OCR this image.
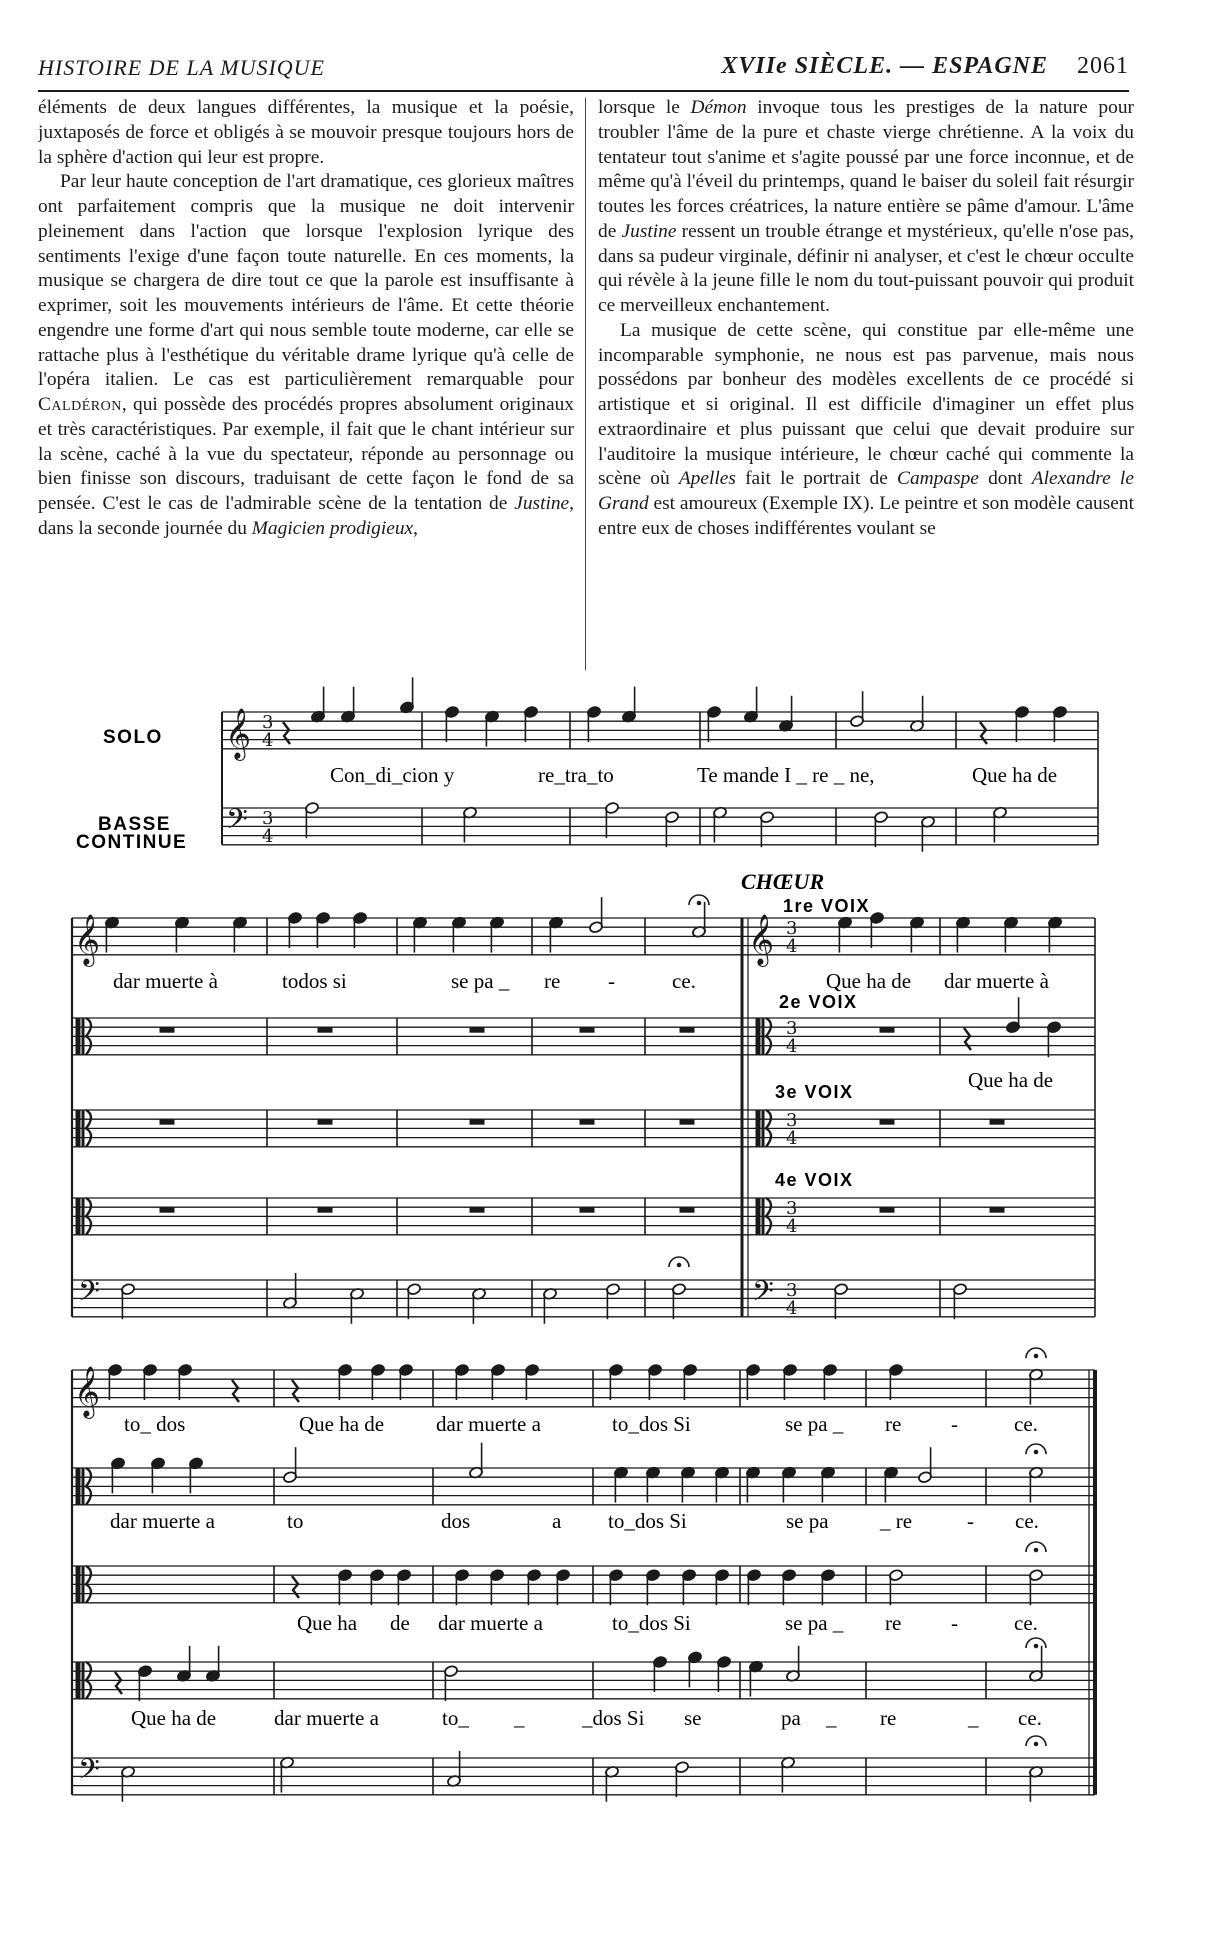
HISTOIRE DE LA MUSIQUE	XVIIe SIÈCLE. — ESPAGNE 2061

éléments de deux langues différentes, la musique et la poésie, juxtaposés de force et obligés à se mouvoir presque toujours hors de la sphère d'action qui leur est propre.

Par leur haute conception de l'art dramatique, ces glorieux maîtres ont parfaitement compris que la musique ne doit intervenir pleinement dans l'action que lorsque l'explosion lyrique des sentiments l'exige d'une façon toute naturelle. En ces moments, la musique se chargera de dire tout ce que la parole est insuffisante à exprimer, soit les mouvements intérieurs de l'âme. Et cette théorie engendre une forme d'art qui nous semble toute moderne, car elle se rattache plus à l'esthétique du véritable drame lyrique qu'à celle de l'opéra italien. Le cas est particulièrement remarquable pour Caldéron, qui possède des procédés propres absolument originaux et très caractéristiques. Par exemple, il fait que le chant intérieur sur la scène, caché à la vue du spectateur, réponde au personnage ou bien finisse son discours, traduisant de cette façon le fond de sa pensée. C'est le cas de l'admirable scène de la tentation de Justine, dans la seconde journée du Magicien prodigieux,

lorsque le Démon invoque tous les prestiges de la nature pour troubler l'âme de la pure et chaste vierge chrétienne. A la voix du tentateur tout s'anime et s'agite poussé par une force inconnue, et de même qu'à l'éveil du printemps, quand le baiser du soleil fait résurgir toutes les forces créatrices, la nature entière se pâme d'amour. L'âme de Justine ressent un trouble étrange et mystérieux, qu'elle n'ose pas, dans sa pudeur virginale, définir ni analyser, et c'est le chœur occulte qui révèle à la jeune fille le nom du tout-puissant pouvoir qui produit ce merveilleux enchantement.

La musique de cette scène, qui constitue par elle-même une incomparable symphonie, ne nous est pas parvenue, mais nous possédons par bonheur des modèles excellents de ce procédé si artistique et si original. Il est difficile d'imaginer un effet plus extraordinaire et plus puissant que celui que devait produire sur l'auditoire la musique intérieure, le chœur caché qui commente la scène où Apelles fait le portrait de Campaspe dont Alexandre le Grand est amoureux (Exemple IX). Le peintre et son modèle causent entre eux de choses indifférentes voulant se

𝄞 3
4
𝄢 3
4
𝄞
𝄢
𝄞 3
4
3
4
3
4
3
4
𝄢 3
4
𝄞
𝄢
SOLO
BASSE
CONTINUE
CHŒUR
1re VOIX
2e VOIX
3e VOIX
4e VOIX
Con_di_cion y	re_tra_to	Te mande I _ re _ ne,	Que ha de
dar muerte à	todos si	se pa _ re -	ce.	Que ha de dar muerte à
Que ha de
to_ dos	Que ha de dar muerte a	to_dos Si	se pa _ re -	ce.
dar muerte a	to	dos	a to_dos Si	se pa _ re	- ce.
Que ha de dar muerte a	to_dos Si	se pa _ re -	ce.
Que ha de	dar muerte a	to_ _	_dos Si se	pa _ re	_ ce.
